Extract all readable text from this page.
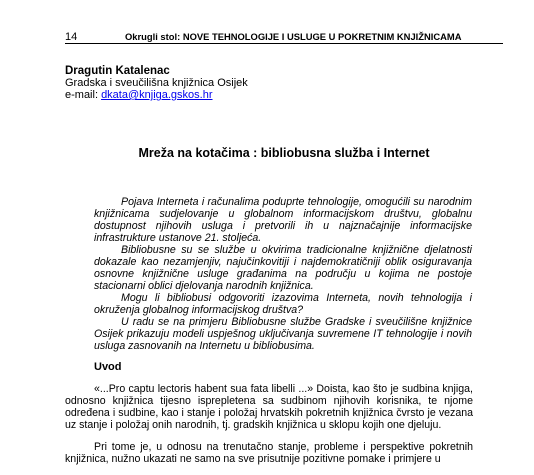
14	Okrugli stol: NOVE TEHNOLOGIJE I USLUGE U POKRETNIM KNJIŽNICAMA
Dragutin Katalenac
Gradska i sveučilišna knjižnica Osijek
e-mail: dkata@knjiga.gskos.hr
Mreža na kotačima : bibliobusna služba i Internet

Pojava Interneta i računalima poduprte tehnologije, omogućili su narodnim knjižnicama sudjelovanje u globalnom informacijskom društvu, globalnu dostupnost njihovih usluga i pretvorili ih u najznačajnije informacijske infrastrukture ustanove 21. stoljeća.

Bibliobusne su se službe u okvirima tradicionalne knjižnične djelatnosti dokazale kao nezamjenjiv, najučinkovitiji i najdemokratičniji oblik osiguravanja osnovne knjižnične usluge građanima na području u kojima ne postoje stacionarni oblici djelovanja narodnih knjižnica.

Mogu li bibliobusi odgovoriti izazovima Interneta, novih tehnologija i okruženja globalnog informacijskog društva?

U radu se na primjeru Bibliobusne službe Gradske i sveučilišne knjižnice Osijek prikazuju modeli uspješnog uključivanja suvremene IT tehnologije i novih usluga zasnovanih na Internetu u bibliobusima.

Uvod

«...Pro captu lectoris habent sua fata libelli ...» Doista, kao što je sudbina knjiga, odnosno knjižnica tijesno isprepletena sa sudbinom njihovih korisnika, te njome određena i sudbine, kao i stanje i položaj hrvatskih pokretnih knjižnica čvrsto je vezana uz stanje i položaj onih narodnih, tj. gradskih knjižnica u sklopu kojih one djeluju.

Pri tome je, u odnosu na trenutačno stanje, probleme i perspektive pokretnih knjižnica, nužno ukazati ne samo na sve prisutnije pozitivne pomake i primjere u
